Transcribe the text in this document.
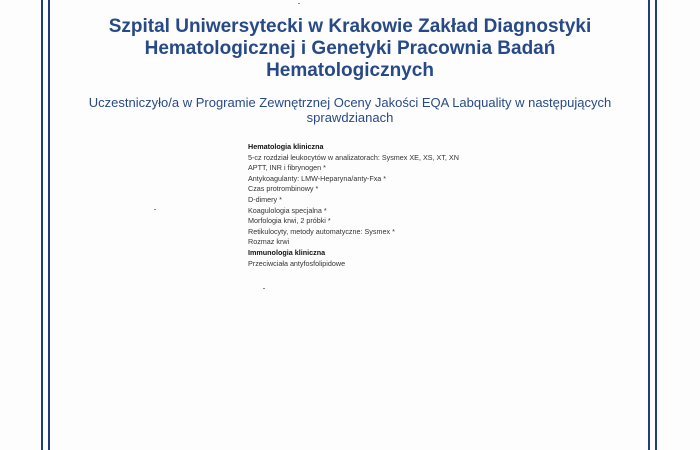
Szpital Uniwersytecki w Krakowie Zakład Diagnostyki Hematologicznej i Genetyki Pracownia Badań Hematologicznych

Uczestniczyło/a w Programie Zewnętrznej Oceny Jakości EQA Labquality w następujących sprawdzianach

Hematologia kliniczna
5-cz rozdział leukocytów w analizatorach: Sysmex XE, XS, XT, XN
APTT, INR i fibrynogen *
Antykoagulanty: LMW-Heparyna/anty-Fxa *
Czas protrombinowy *
D-dimery *
Koagulologia specjalna *
Morfologia krwi, 2 próbki *
Retikulocyty, metody automatyczne: Sysmex *
Rozmaz krwi
Immunologia kliniczna
Przeciwciała antyfosfolipidowe
